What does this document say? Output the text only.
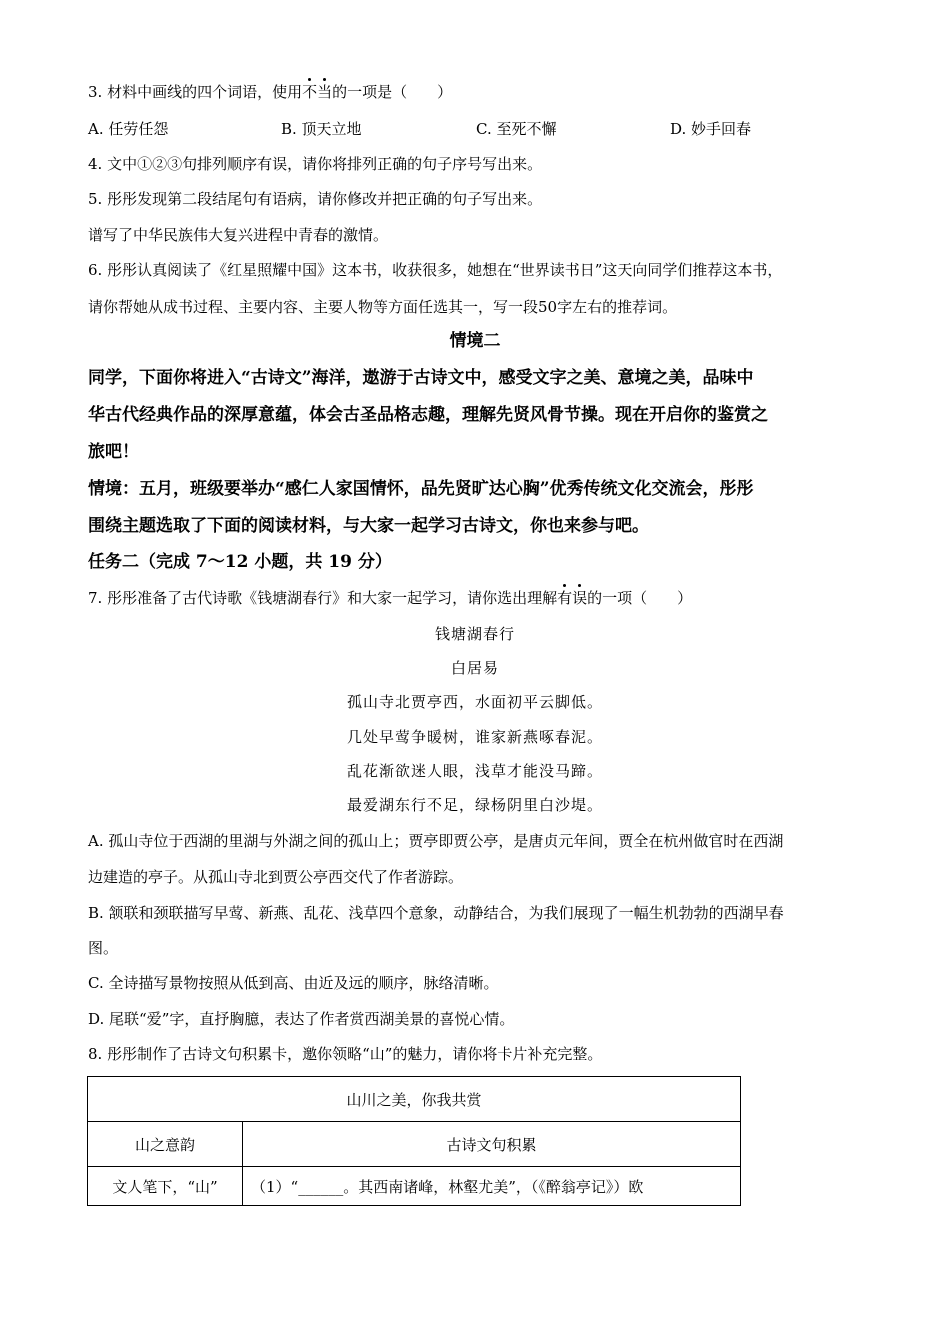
3. 材料中画线的四个词语，使用不当的一项是（　　）
A. 任劳任怨	B. 顶天立地	C. 至死不懈	D. 妙手回春
4. 文中①②③句排列顺序有误，请你将排列正确的句子序号写出来。
5. 彤彤发现第二段结尾句有语病，请你修改并把正确的句子写出来。
谱写了中华民族伟大复兴进程中青春的激情。
6. 彤彤认真阅读了《红星照耀中国》这本书，收获很多，她想在“世界读书日”这天向同学们推荐这本书，
请你帮她从成书过程、主要内容、主要人物等方面任选其一，写一段50字左右的推荐词。
情境二
同学，下面你将进入“古诗文”海洋，遨游于古诗文中，感受文字之美、意境之美，品味中
华古代经典作品的深厚意蕴，体会古圣品格志趣，理解先贤风骨节操。现在开启你的鉴赏之
旅吧！
情境：五月，班级要举办“感仁人家国情怀，品先贤旷达心胸”优秀传统文化交流会，彤彤
围绕主题选取了下面的阅读材料，与大家一起学习古诗文，你也来参与吧。
任务二（完成 7～12 小题，共 19 分）
7. 彤彤准备了古代诗歌《钱塘湖春行》和大家一起学习，请你选出理解有误的一项（　　）
钱塘湖春行
白居易
孤山寺北贾亭西，水面初平云脚低。
几处早莺争暖树，谁家新燕啄春泥。
乱花渐欲迷人眼，浅草才能没马蹄。
最爱湖东行不足，绿杨阴里白沙堤。
A. 孤山寺位于西湖的里湖与外湖之间的孤山上；贾亭即贾公亭，是唐贞元年间，贾全在杭州做官时在西湖
边建造的亭子。从孤山寺北到贾公亭西交代了作者游踪。
B. 颔联和颈联描写早莺、新燕、乱花、浅草四个意象，动静结合，为我们展现了一幅生机勃勃的西湖早春
图。
C. 全诗描写景物按照从低到高、由近及远的顺序，脉络清晰。
D. 尾联“爱”字，直抒胸臆，表达了作者赏西湖美景的喜悦心情。
8. 彤彤制作了古诗文句积累卡，邀你领略“山”的魅力，请你将卡片补充完整。
山川之美，你我共赏	
山之意韵	古诗文句积累
文人笔下，“山”	（1）“______。其西南诸峰，林壑尤美”，（《醉翁亭记》）欧
